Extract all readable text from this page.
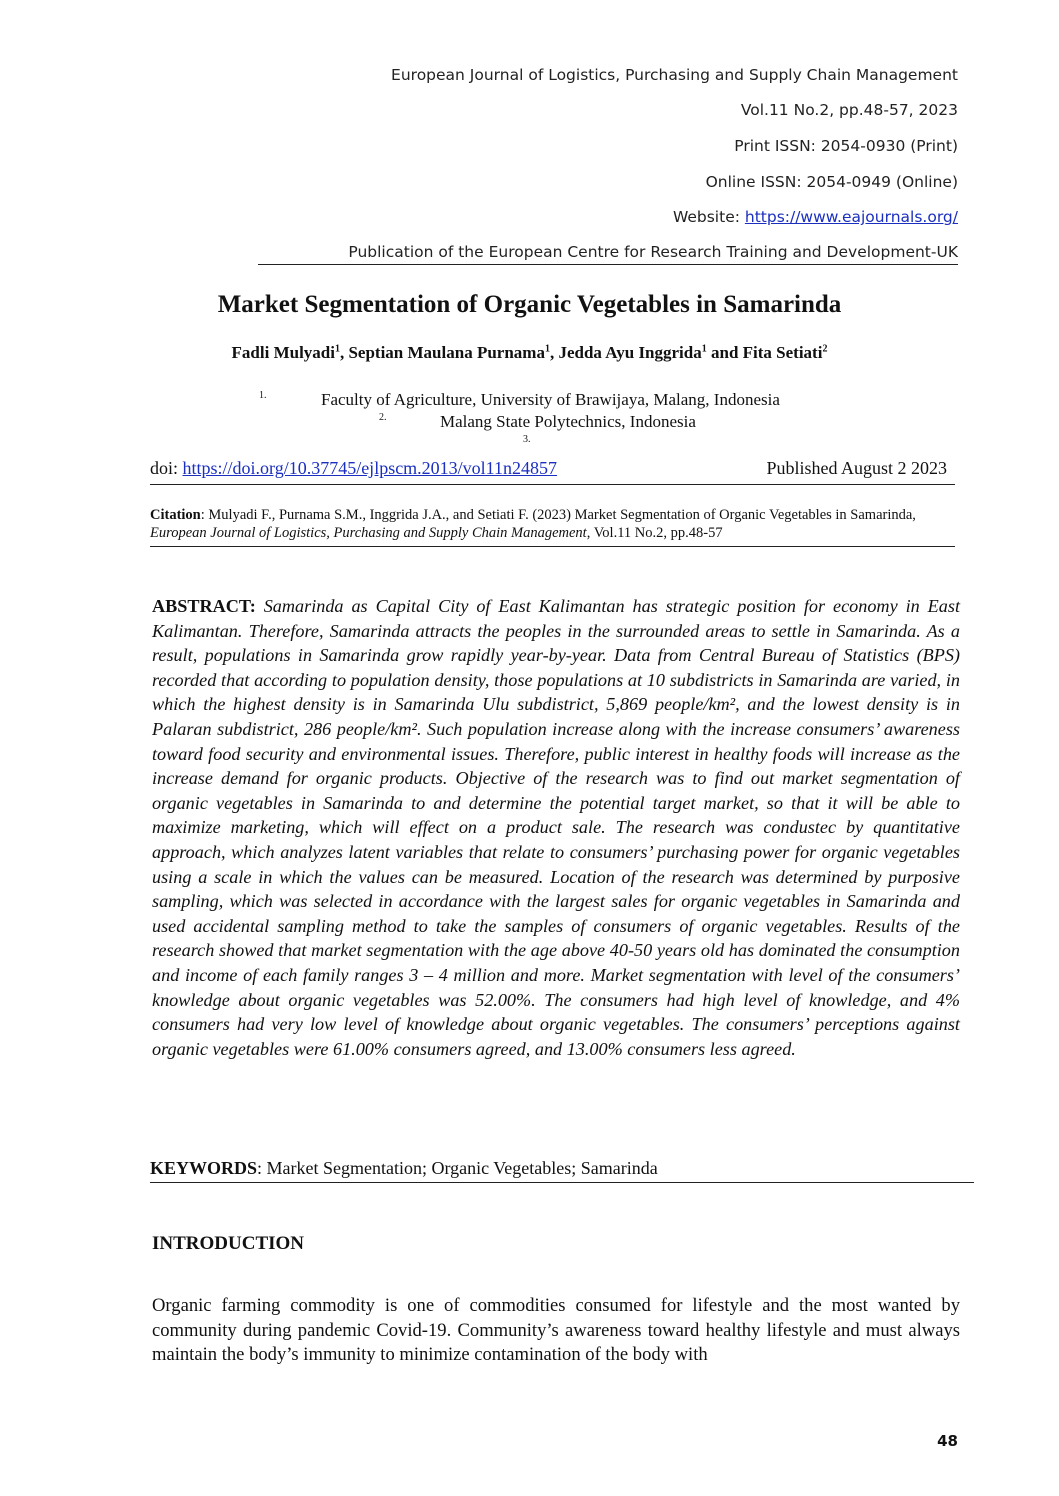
European Journal of Logistics, Purchasing and Supply Chain Management
Vol.11 No.2, pp.48-57, 2023
Print ISSN: 2054-0930 (Print)
Online ISSN: 2054-0949 (Online)
Website: https://www.eajournals.org/
Publication of the European Centre for Research Training and Development-UK
Market Segmentation of Organic Vegetables in Samarinda
Fadli Mulyadi$^1$, Septian Maulana Purnama$^1$, Jedda Ayu Inggrida$^1$ and Fita Setiati$^2$
1.	Faculty of Agriculture, University of Brawijaya, Malang, Indonesia
2.	Malang State Polytechnics, Indonesia
3.
doi: https://doi.org/10.37745/ejlpscm.2013/vol11n24857	Published August 2 2023
Citation: Mulyadi F., Purnama S.M., Inggrida J.A., and Setiati F. (2023) Market Segmentation of Organic Vegetables in Samarinda, European Journal of Logistics, Purchasing and Supply Chain Management, Vol.11 No.2, pp.48-57
ABSTRACT: Samarinda as Capital City of East Kalimantan has strategic position for economy in East Kalimantan. Therefore, Samarinda attracts the peoples in the surrounded areas to settle in Samarinda. As a result, populations in Samarinda grow rapidly year-by-year. Data from Central Bureau of Statistics (BPS) recorded that according to population density, those populations at 10 subdistricts in Samarinda are varied, in which the highest density is in Samarinda Ulu subdistrict, 5,869 people/km², and the lowest density is in Palaran subdistrict, 286 people/km². Such population increase along with the increase consumers’ awareness toward food security and environmental issues. Therefore, public interest in healthy foods will increase as the increase demand for organic products. Objective of the research was to find out market segmentation of organic vegetables in Samarinda to and determine the potential target market, so that it will be able to maximize marketing, which will effect on a product sale. The research was condustec by quantitative approach, which analyzes latent variables that relate to consumers’ purchasing power for organic vegetables using a scale in which the values can be measured. Location of the research was determined by purposive sampling, which was selected in accordance with the largest sales for organic vegetables in Samarinda and used accidental sampling method to take the samples of consumers of organic vegetables. Results of the research showed that market segmentation with the age above 40-50 years old has dominated the consumption and income of each family ranges 3 – 4 million and more. Market segmentation with level of the consumers’ knowledge about organic vegetables was 52.00%. The consumers had high level of knowledge, and 4% consumers had very low level of knowledge about organic vegetables. The consumers’ perceptions against organic vegetables were 61.00% consumers agreed, and 13.00% consumers less agreed.
KEYWORDS: Market Segmentation; Organic Vegetables; Samarinda
INTRODUCTION
Organic farming commodity is one of commodities consumed for lifestyle and the most wanted by community during pandemic Covid-19. Community’s awareness toward healthy lifestyle and must always maintain the body’s immunity to minimize contamination of the body with
48
